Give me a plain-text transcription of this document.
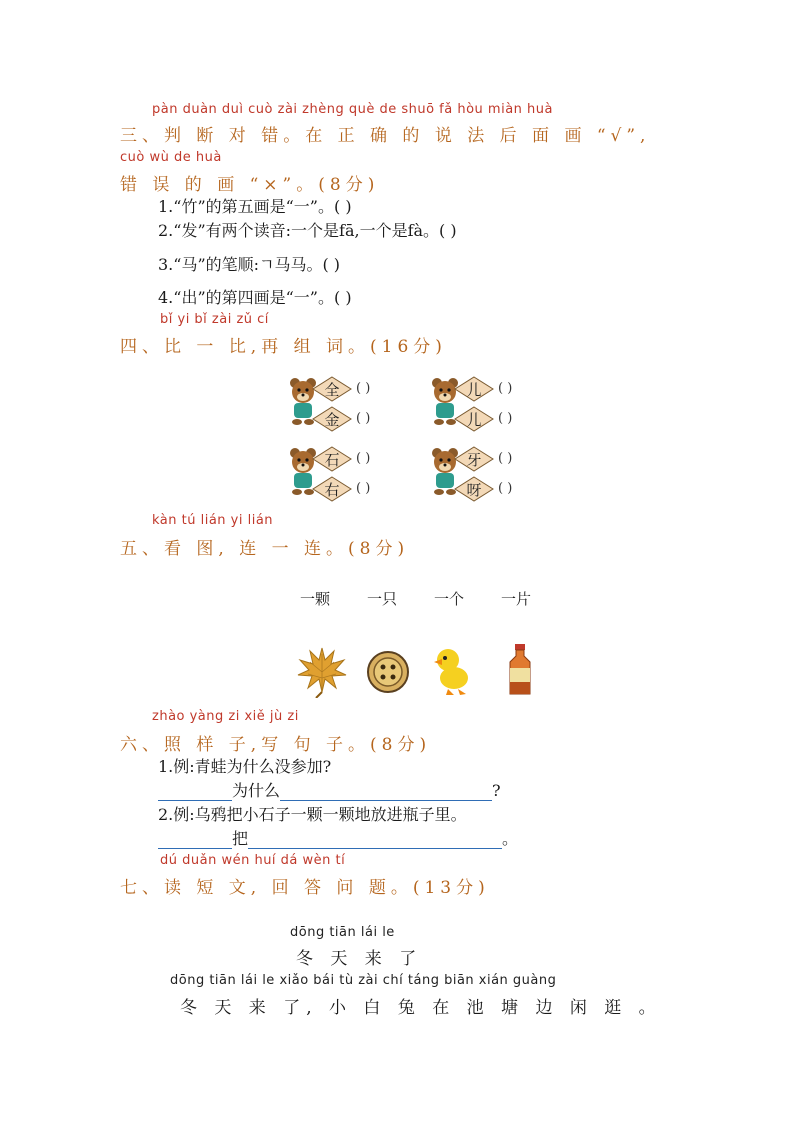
pàn duàn duì cuò zài zhèng què de shuō fǎ hòu miàn huà
三、判 断 对 错。在 正 确 的 说 法 后 面 画 “√”,
cuò wù de huà
错 误 的 画 “×”。(8分)
1.“竹”的第五画是“一”。( )
2.“发”有两个读音:一个是fā,一个是fà。( )
3.“马”的笔顺:ㄱ马马。( )
4.“出”的第四画是“一”。( )
bǐ yi bǐ zài zǔ cí
四、比 一 比,再 组 词。(16分)
全	( )
金	( )
儿	( )
儿	( )
石	( )
右	( )
牙	( )
呀	( )
kàn tú lián yi lián
五、看 图, 连 一 连。(8分)
一颗 一只 一个 一片
zhào yàng zi xiě jù zi
六、照 样 子,写 句 子。(8分)
1.例:青蛙为什么没参加?
为什么	?
2.例:乌鸦把小石子一颗一颗地放进瓶子里。
把	。
dú duǎn wén huí dá wèn tí
七、读 短 文, 回 答 问 题。(13分)
dōng tiān lái le
冬 天 来 了
dōng tiān lái le xiǎo bái tù zài chí táng biān xián guàng
冬 天 来 了, 小 白 兔 在 池 塘 边 闲 逛 。
